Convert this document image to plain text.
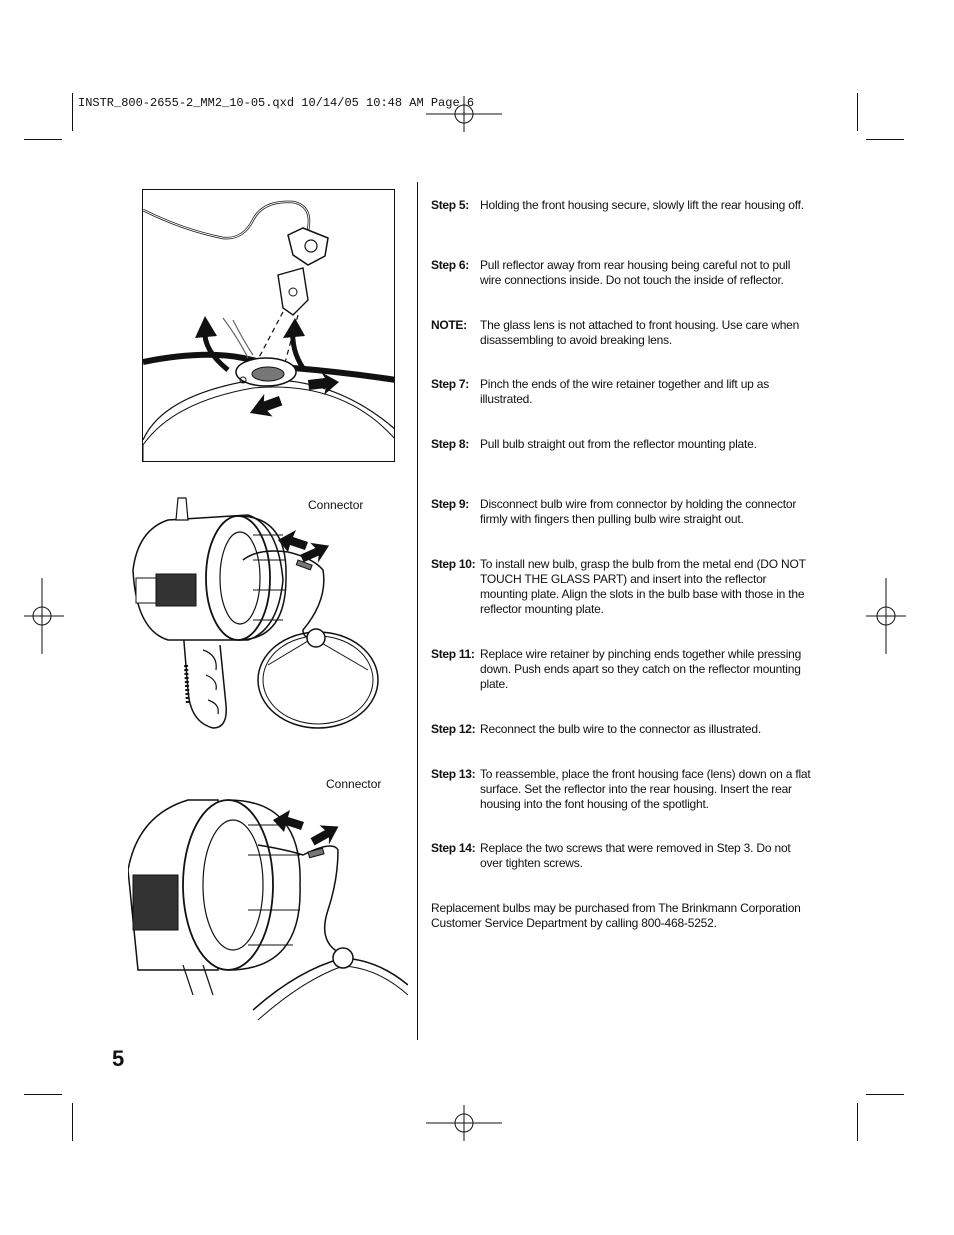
INSTR_800-2655-2_MM2_10-05.qxd 10/14/05 10:48 AM Page 6
Connector
Connector
Step 5: Holding the front housing secure, slowly lift the rear housing off.
Step 6: Pull reflector away from rear housing being careful not to pull wire connections inside. Do not touch the inside of reflector.
NOTE:	The glass lens is not attached to front housing. Use care when disassembling to avoid breaking lens.
Step 7: Pinch the ends of the wire retainer together and lift up as illustrated.
Step 8: Pull bulb straight out from the reflector mounting plate.
Step 9: Disconnect bulb wire from connector by holding the connector firmly with fingers then pulling bulb wire straight out.
Step 10: To install new bulb, grasp the bulb from the metal end (DO NOT TOUCH THE GLASS PART) and insert into the reflector mounting plate. Align the slots in the bulb base with those in the reflector mounting plate.
Step 11: Replace wire retainer by pinching ends together while pressing down. Push ends apart so they catch on the reflector mounting plate.
Step 12: Reconnect the bulb wire to the connector as illustrated.
Step 13: To reassemble, place the front housing face (lens) down on a flat surface. Set the reflector into the rear housing. Insert the rear housing into the font housing of the spotlight.
Step 14: Replace the two screws that were removed in Step 3. Do not over tighten screws.
Replacement bulbs may be purchased from The Brinkmann Corporation Customer Service Department by calling 800-468-5252.
5
